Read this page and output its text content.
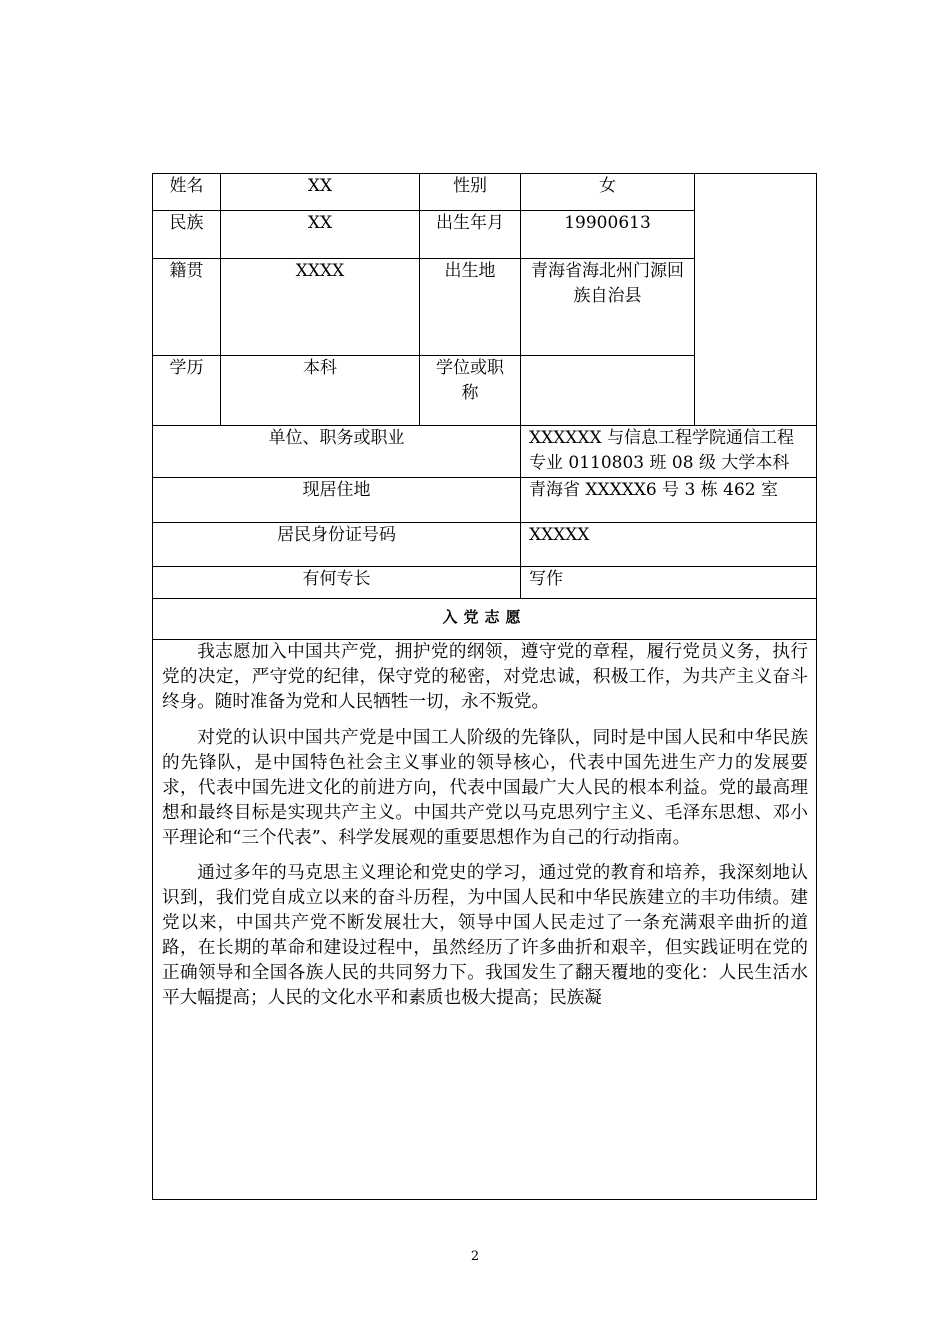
姓名	XX	性别	女	
民族	XX	出生年月	19900613	
籍贯	XXXX	出生地	青海省海北州门源回族自治县	
学历	本科	学位或职称		
单位、职务或职业			XXXXXX 与信息工程学院通信工程专业 0110803 班 08 级 大学本科	
现居住地			青海省 XXXXX6 号 3 栋 462 室	
居民身份证号码			XXXXX	
有何专长			写作	
入党志愿				

我志愿加入中国共产党，拥护党的纲领，遵守党的章程，履行党员义务，执行党的决定，严守党的纪律，保守党的秘密，对党忠诚，积极工作，为共产主义奋斗终身。随时准备为党和人民牺牲一切，永不叛党。

对党的认识中国共产党是中国工人阶级的先锋队，同时是中国人民和中华民族的先锋队，是中国特色社会主义事业的领导核心，代表中国先进生产力的发展要求，代表中国先进文化的前进方向，代表中国最广大人民的根本利益。党的最高理想和最终目标是实现共产主义。中国共产党以马克思列宁主义、毛泽东思想、邓小平理论和“三个代表”、科学发展观的重要思想作为自己的行动指南。

通过多年的马克思主义理论和党史的学习，通过党的教育和培养，我深刻地认识到，我们党自成立以来的奋斗历程，为中国人民和中华民族建立的丰功伟绩。建党以来，中国共产党不断发展壮大，领导中国人民走过了一条充满艰辛曲折的道路，在长期的革命和建设过程中，虽然经历了许多曲折和艰辛，但实践证明在党的正确领导和全国各族人民的共同努力下。我国发生了翻天覆地的变化：人民生活水平大幅提高；人民的文化水平和素质也极大提高；民族凝				

2
